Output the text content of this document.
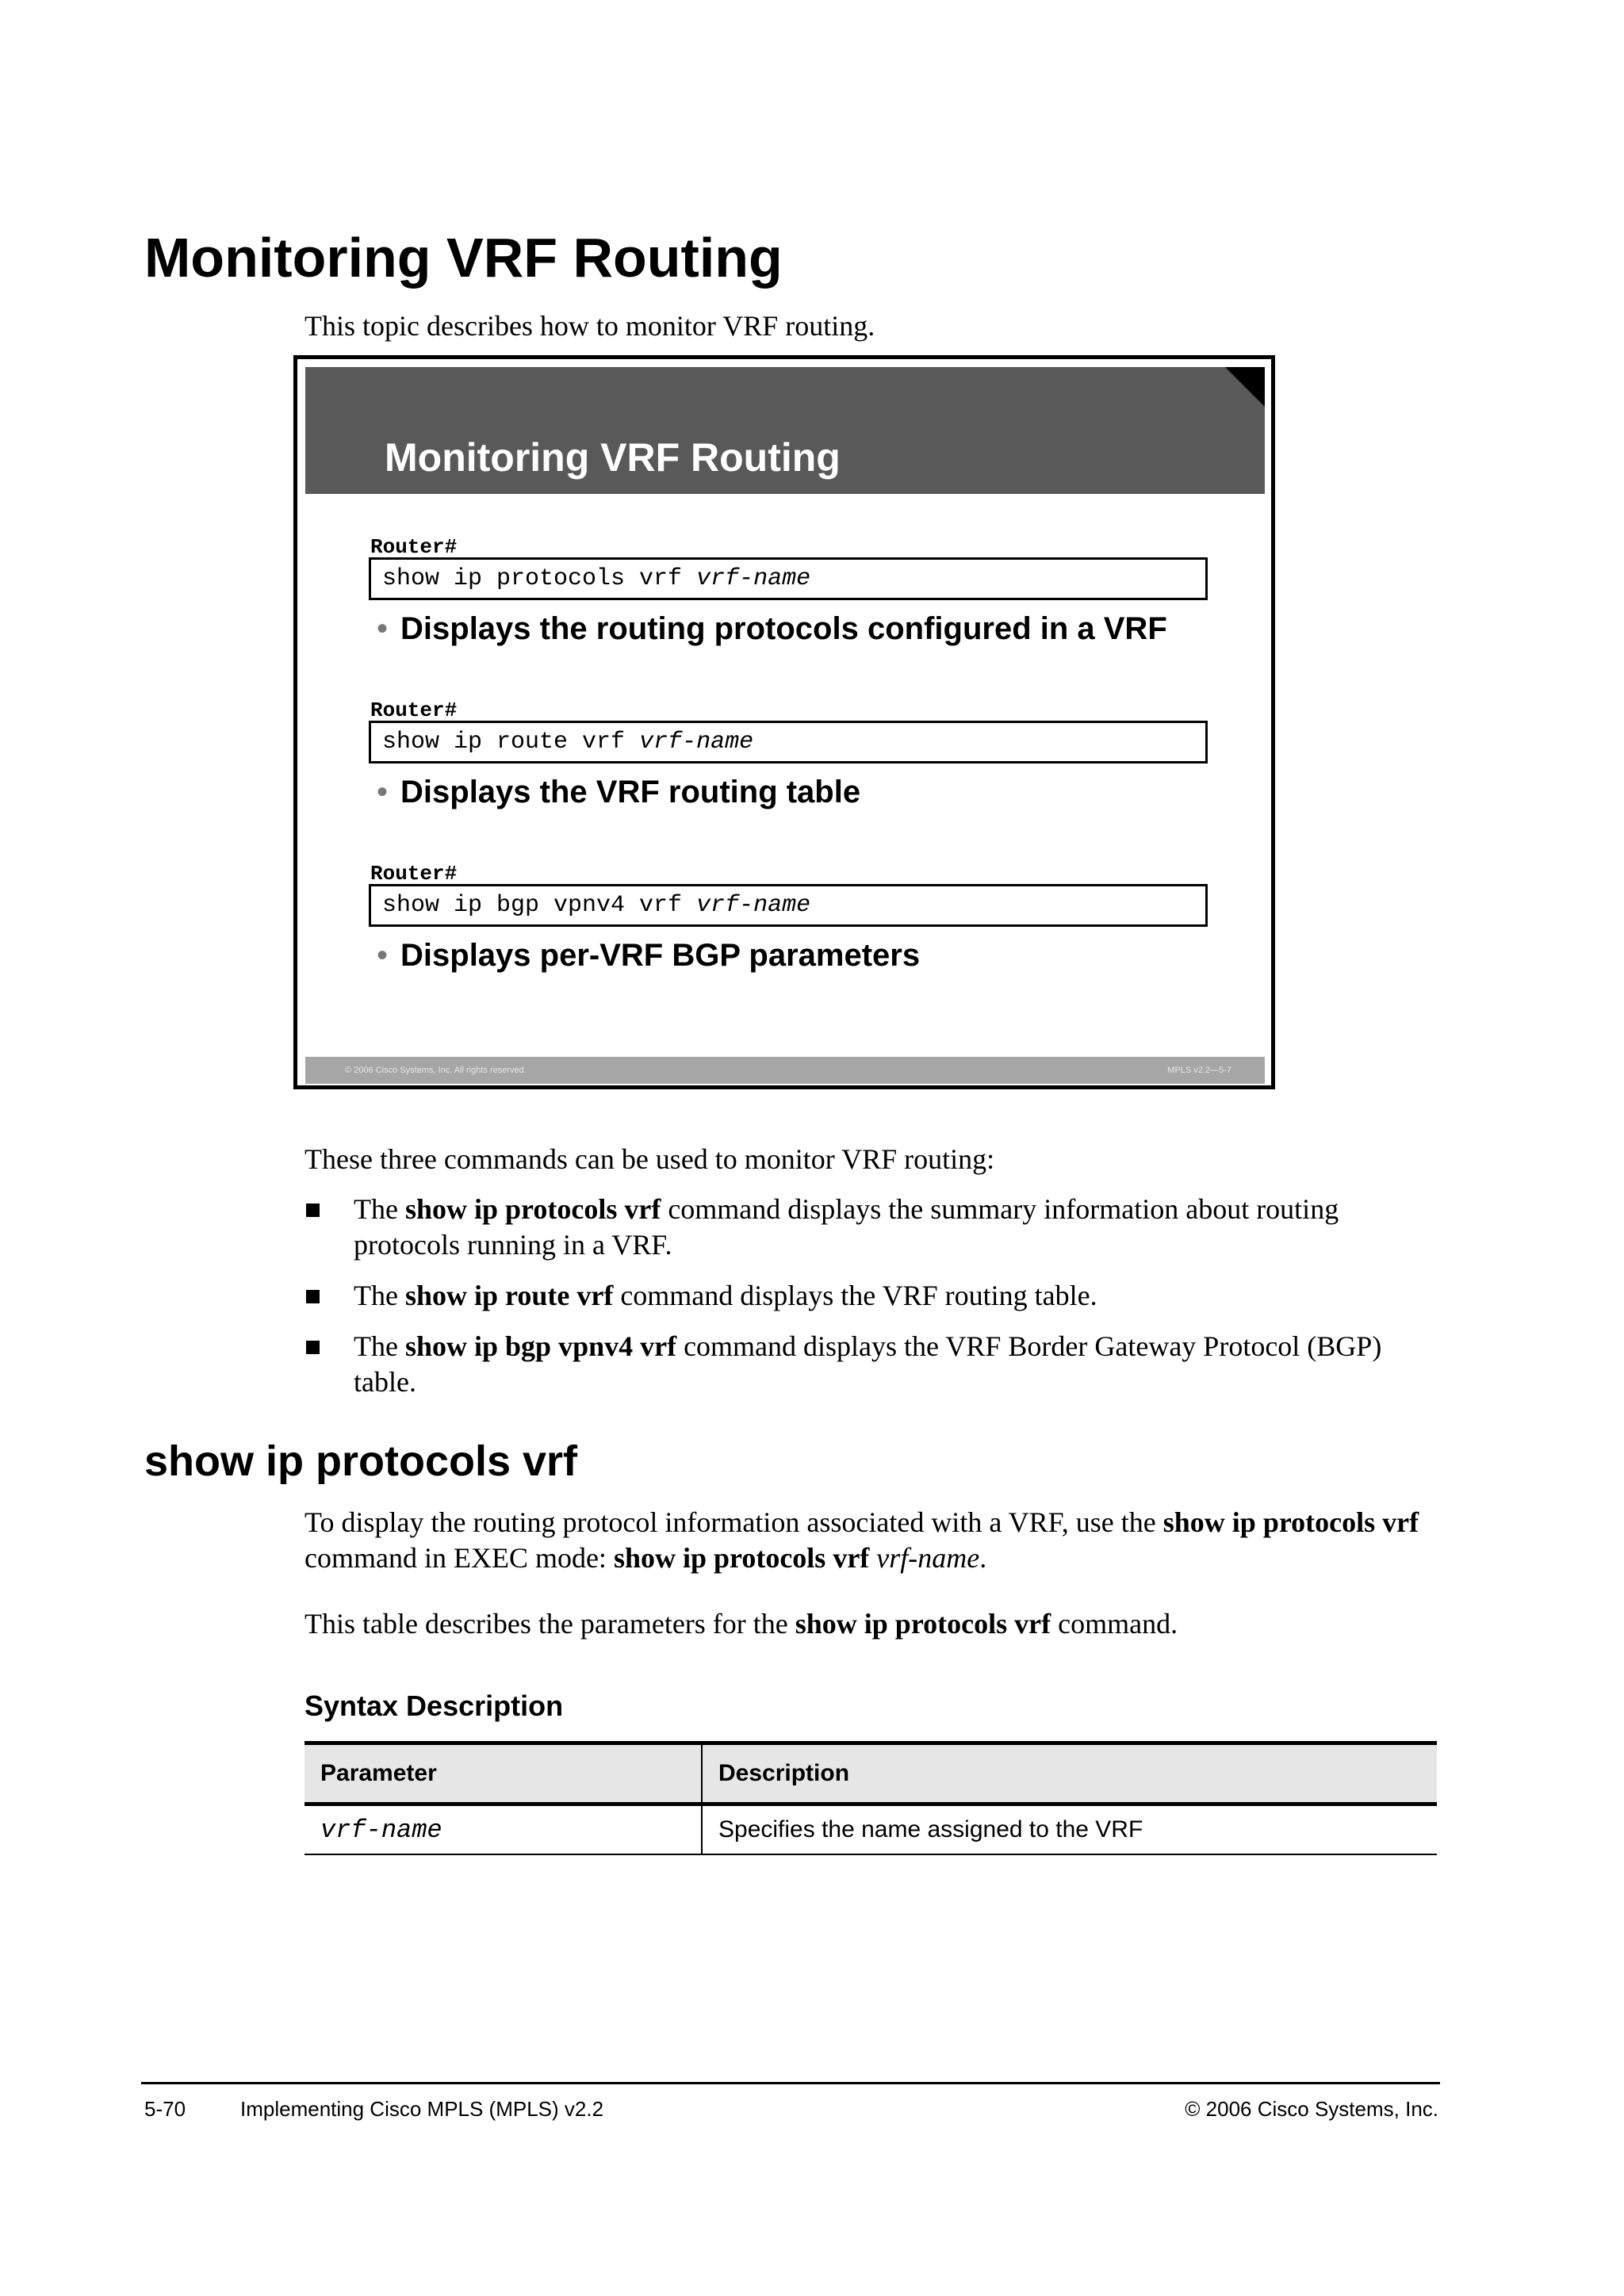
Monitoring VRF Routing
This topic describes how to monitor VRF routing.
Monitoring VRF Routing
Router#
show ip protocols vrf vrf-name
• Displays the routing protocols configured in a VRF
Router#
show ip route vrf vrf-name
• Displays the VRF routing table
Router#
show ip bgp vpnv4 vrf vrf-name
• Displays per-VRF BGP parameters
© 2006 Cisco Systems, Inc. All rights reserved.	MPLS v2.2—5-7
These three commands can be used to monitor VRF routing:
The show ip protocols vrf command displays the summary information about routing protocols running in a VRF.
The show ip route vrf command displays the VRF routing table.
The show ip bgp vpnv4 vrf command displays the VRF Border Gateway Protocol (BGP) table.
show ip protocols vrf
To display the routing protocol information associated with a VRF, use the show ip protocols vrf command in EXEC mode: show ip protocols vrf vrf-name.
This table describes the parameters for the show ip protocols vrf command.
Syntax Description
Parameter	Description
vrf-name	Specifies the name assigned to the VRF
5-70	Implementing Cisco MPLS (MPLS) v2.2	© 2006 Cisco Systems, Inc.
